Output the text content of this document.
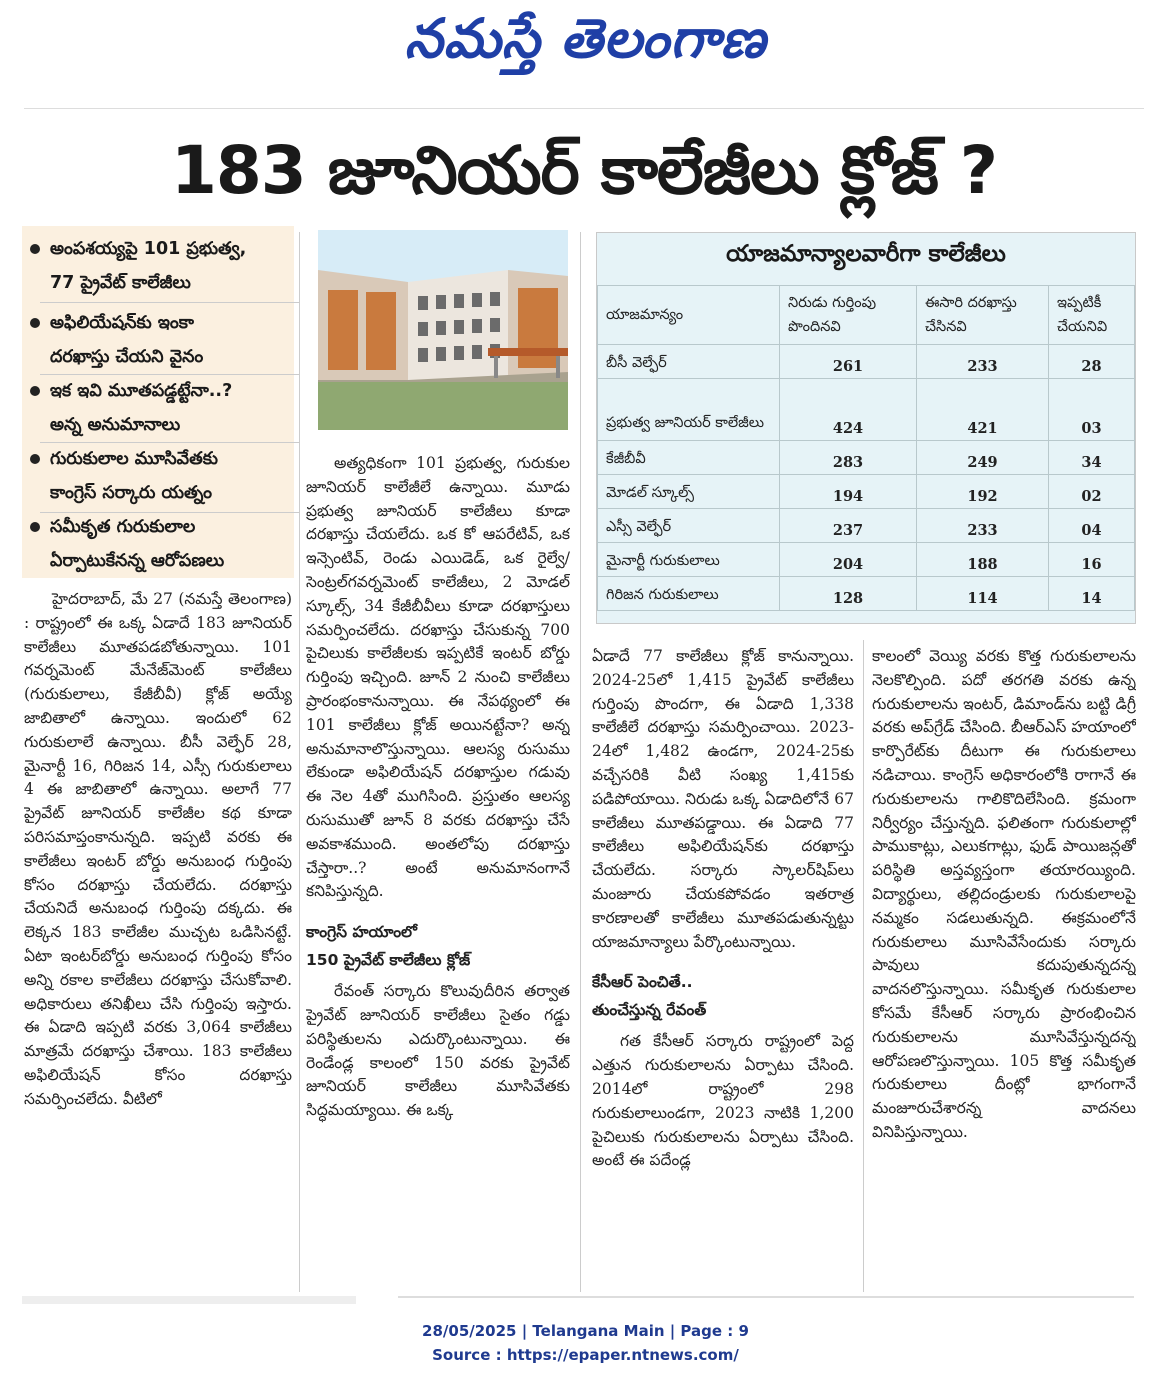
నమస్తే తెలంగాణ
183 జూనియర్ కాలేజీలు క్లోజ్ ?
అంపశయ్యపై 101 ప్రభుత్వ,
77 ప్రైవేట్ కాలేజీలు
అఫిలియేషన్‌కు ఇంకా
దరఖాస్తు చేయని వైనం
ఇక ఇవి మూతపడ్డట్టేనా..?
అన్న అనుమానాలు
గురుకులాల మూసివేతకు
కాంగ్రెస్ సర్కారు యత్నం
సమీకృత గురుకులాల
ఏర్పాటుకేనన్న ఆరోపణలు
యాజమాన్యాలవారీగా కాలేజీలు
యాజమాన్యం	నిరుడు గుర్తింపు పొందినవి	ఈసారి దరఖాస్తు చేసినవి	ఇప్పటికీ చేయనివి
బీసీ వెల్ఫేర్	261	233	28
ప్రభుత్వ జూనియర్ కాలేజీలు	424	421	03
కేజీబీవీ	283	249	34
మోడల్ స్కూల్స్	194	192	02
ఎస్సీ వెల్ఫేర్	237	233	04
మైనార్టీ గురుకులాలు	204	188	16
గిరిజన గురుకులాలు	128	114	14

హైదరాబాద్, మే 27 (నమస్తే తెలంగాణ) : రాష్ట్రంలో ఈ ఒక్క ఏడాదే 183 జూనియర్ కాలేజీలు మూతపడబోతున్నాయి. 101 గవర్నమెంట్ మేనేజ్‌మెంట్ కాలేజీలు (గురుకులాలు, కేజీబీవీ) క్లోజ్ అయ్యే జాబితాలో ఉన్నాయి. ఇందులో 62 గురుకులాలే ఉన్నాయి. బీసీ వెల్ఫేర్ 28, మైనార్టీ 16, గిరిజన 14, ఎస్సీ గురుకులాలు 4 ఈ జాబితాలో ఉన్నాయి. అలాగే 77 ప్రైవేట్ జూనియర్ కాలేజీల కథ కూడా పరిసమాప్తంకానున్నది. ఇప్పటి వరకు ఈ కాలేజీలు ఇంటర్ బోర్డు అనుబంధ గుర్తింపు కోసం దరఖాస్తు చేయలేదు. దరఖాస్తు చేయనిదే అనుబంధ గుర్తింపు దక్కదు. ఈ లెక్కన 183 కాలేజీల ముచ్చట ఒడిసినట్టే. ఏటా ఇంటర్‌బోర్డు అనుబంధ గుర్తింపు కోసం అన్ని రకాల కాలేజీలు దరఖాస్తు చేసుకోవాలి. అధికారులు తనిఖీలు చేసి గుర్తింపు ఇస్తారు. ఈ ఏడాది ఇప్పటి వరకు 3,064 కాలేజీలు మాత్రమే దరఖాస్తు చేశాయి. 183 కాలేజీలు అఫిలియేషన్ కోసం దరఖాస్తు సమర్పించలేదు. వీటిలో

అత్యధికంగా 101 ప్రభుత్వ, గురుకుల జూనియర్ కాలేజీలే ఉన్నాయి. మూడు ప్రభుత్వ జూనియర్ కాలేజీలు కూడా దరఖాస్తు చేయలేదు. ఒక కో ఆపరేటివ్, ఒక ఇన్సెంటివ్, రెండు ఎయిడెడ్, ఒక రైల్వే/సెంట్రల్‌గవర్నమెంట్ కాలేజీలు, 2 మోడల్ స్కూల్స్, 34 కేజీబీవీలు కూడా దరఖాస్తులు సమర్పించలేదు. దరఖాస్తు చేసుకున్న 700 పైచిలుకు కాలేజీలకు ఇప్పటికే ఇంటర్ బోర్డు గుర్తింపు ఇచ్చింది. జూన్ 2 నుంచి కాలేజీలు ప్రారంభంకానున్నాయి. ఈ నేపథ్యంలో ఈ 101 కాలేజీలు క్లోజ్ అయినట్టేనా? అన్న అనుమానాలొస్తున్నాయి. ఆలస్య రుసుము లేకుండా అఫిలియేషన్ దరఖాస్తుల గడువు ఈ నెల 4తో ముగిసింది. ప్రస్తుతం ఆలస్య రుసుముతో జూన్ 8 వరకు దరఖాస్తు చేసే అవకాశముంది. అంతలోపు దరఖాస్తు చేస్తారా..? అంటే అనుమానంగానే కనిపిస్తున్నది.

కాంగ్రెస్ హయాంలో
150 ప్రైవేట్ కాలేజీలు క్లోజ్

రేవంత్ సర్కారు కొలువుదీరిన తర్వాత ప్రైవేట్ జూనియర్ కాలేజీలు సైతం గడ్డు పరిస్థితులను ఎదుర్కొంటున్నాయి. ఈ రెండేండ్ల కాలంలో 150 వరకు ప్రైవేట్ జూనియర్ కాలేజీలు మూసివేతకు సిద్ధమయ్యాయి. ఈ ఒక్క

ఏడాదే 77 కాలేజీలు క్లోజ్ కానున్నాయి. 2024-25లో 1,415 ప్రైవేట్ కాలేజీలు గుర్తింపు పొందగా, ఈ ఏడాది 1,338 కాలేజీలే దరఖాస్తు సమర్పించాయి. 2023-24లో 1,482 ఉండగా, 2024-25కు వచ్చేసరికి వీటి సంఖ్య 1,415కు పడిపోయాయి. నిరుడు ఒక్క ఏడాదిలోనే 67 కాలేజీలు మూతపడ్డాయి. ఈ ఏడాది 77 కాలేజీలు అఫిలియేషన్‌కు దరఖాస్తు చేయలేదు. సర్కారు స్కాలర్‌షిప్‌లు మంజూరు చేయకపోవడం ఇతరాత్ర కారణాలతో కాలేజీలు మూతపడుతున్నట్టు యాజమాన్యాలు పేర్కొంటున్నాయి.

కేసీఆర్ పెంచితే..
తుంచేస్తున్న రేవంత్

గత కేసీఆర్ సర్కారు రాష్ట్రంలో పెద్ద ఎత్తున గురుకులాలను ఏర్పాటు చేసింది. 2014లో రాష్ట్రంలో 298 గురుకులాలుండగా, 2023 నాటికి 1,200 పైచిలుకు గురుకులాలను ఏర్పాటు చేసింది. అంటే ఈ పదేండ్ల

కాలంలో వెయ్యి వరకు కొత్త గురుకులాలను నెలకొల్పింది. పదో తరగతి వరకు ఉన్న గురుకులాలను ఇంటర్, డిమాండ్‌ను బట్టి డిగ్రీ వరకు అప్‌గ్రేడ్ చేసింది. బీఆర్‌ఎస్ హయాంలో కార్పొరేట్‌కు దీటుగా ఈ గురుకులాలు నడిచాయి. కాంగ్రెస్ అధికారంలోకి రాగానే ఈ గురుకులాలను గాలికొదిలేసింది. క్రమంగా నిర్వీర్యం చేస్తున్నది. ఫలితంగా గురుకులాల్లో పాముకాట్లు, ఎలుకగాట్లు, ఫుడ్ పాయిజన్లతో పరిస్థితి అస్తవ్యస్తంగా తయారయ్యింది. విద్యార్థులు, తల్లిదండ్రులకు గురుకులాలపై నమ్మకం సడలుతున్నది. ఈక్రమంలోనే గురుకులాలు మూసివేసేందుకు సర్కారు పావులు కదుపుతున్నదన్న వాదనలొస్తున్నాయి. సమీకృత గురుకులాల కోసమే కేసీఆర్ సర్కారు ప్రారంభించిన గురుకులాలను మూసివేస్తున్నదన్న ఆరోపణలొస్తున్నాయి. 105 కొత్త సమీకృత గురుకులాలు దీంట్లో భాగంగానే మంజూరుచేశారన్న వాదనలు వినిపిస్తున్నాయి.

28/05/2025 | Telangana Main | Page : 9
Source : https://epaper.ntnews.com/
